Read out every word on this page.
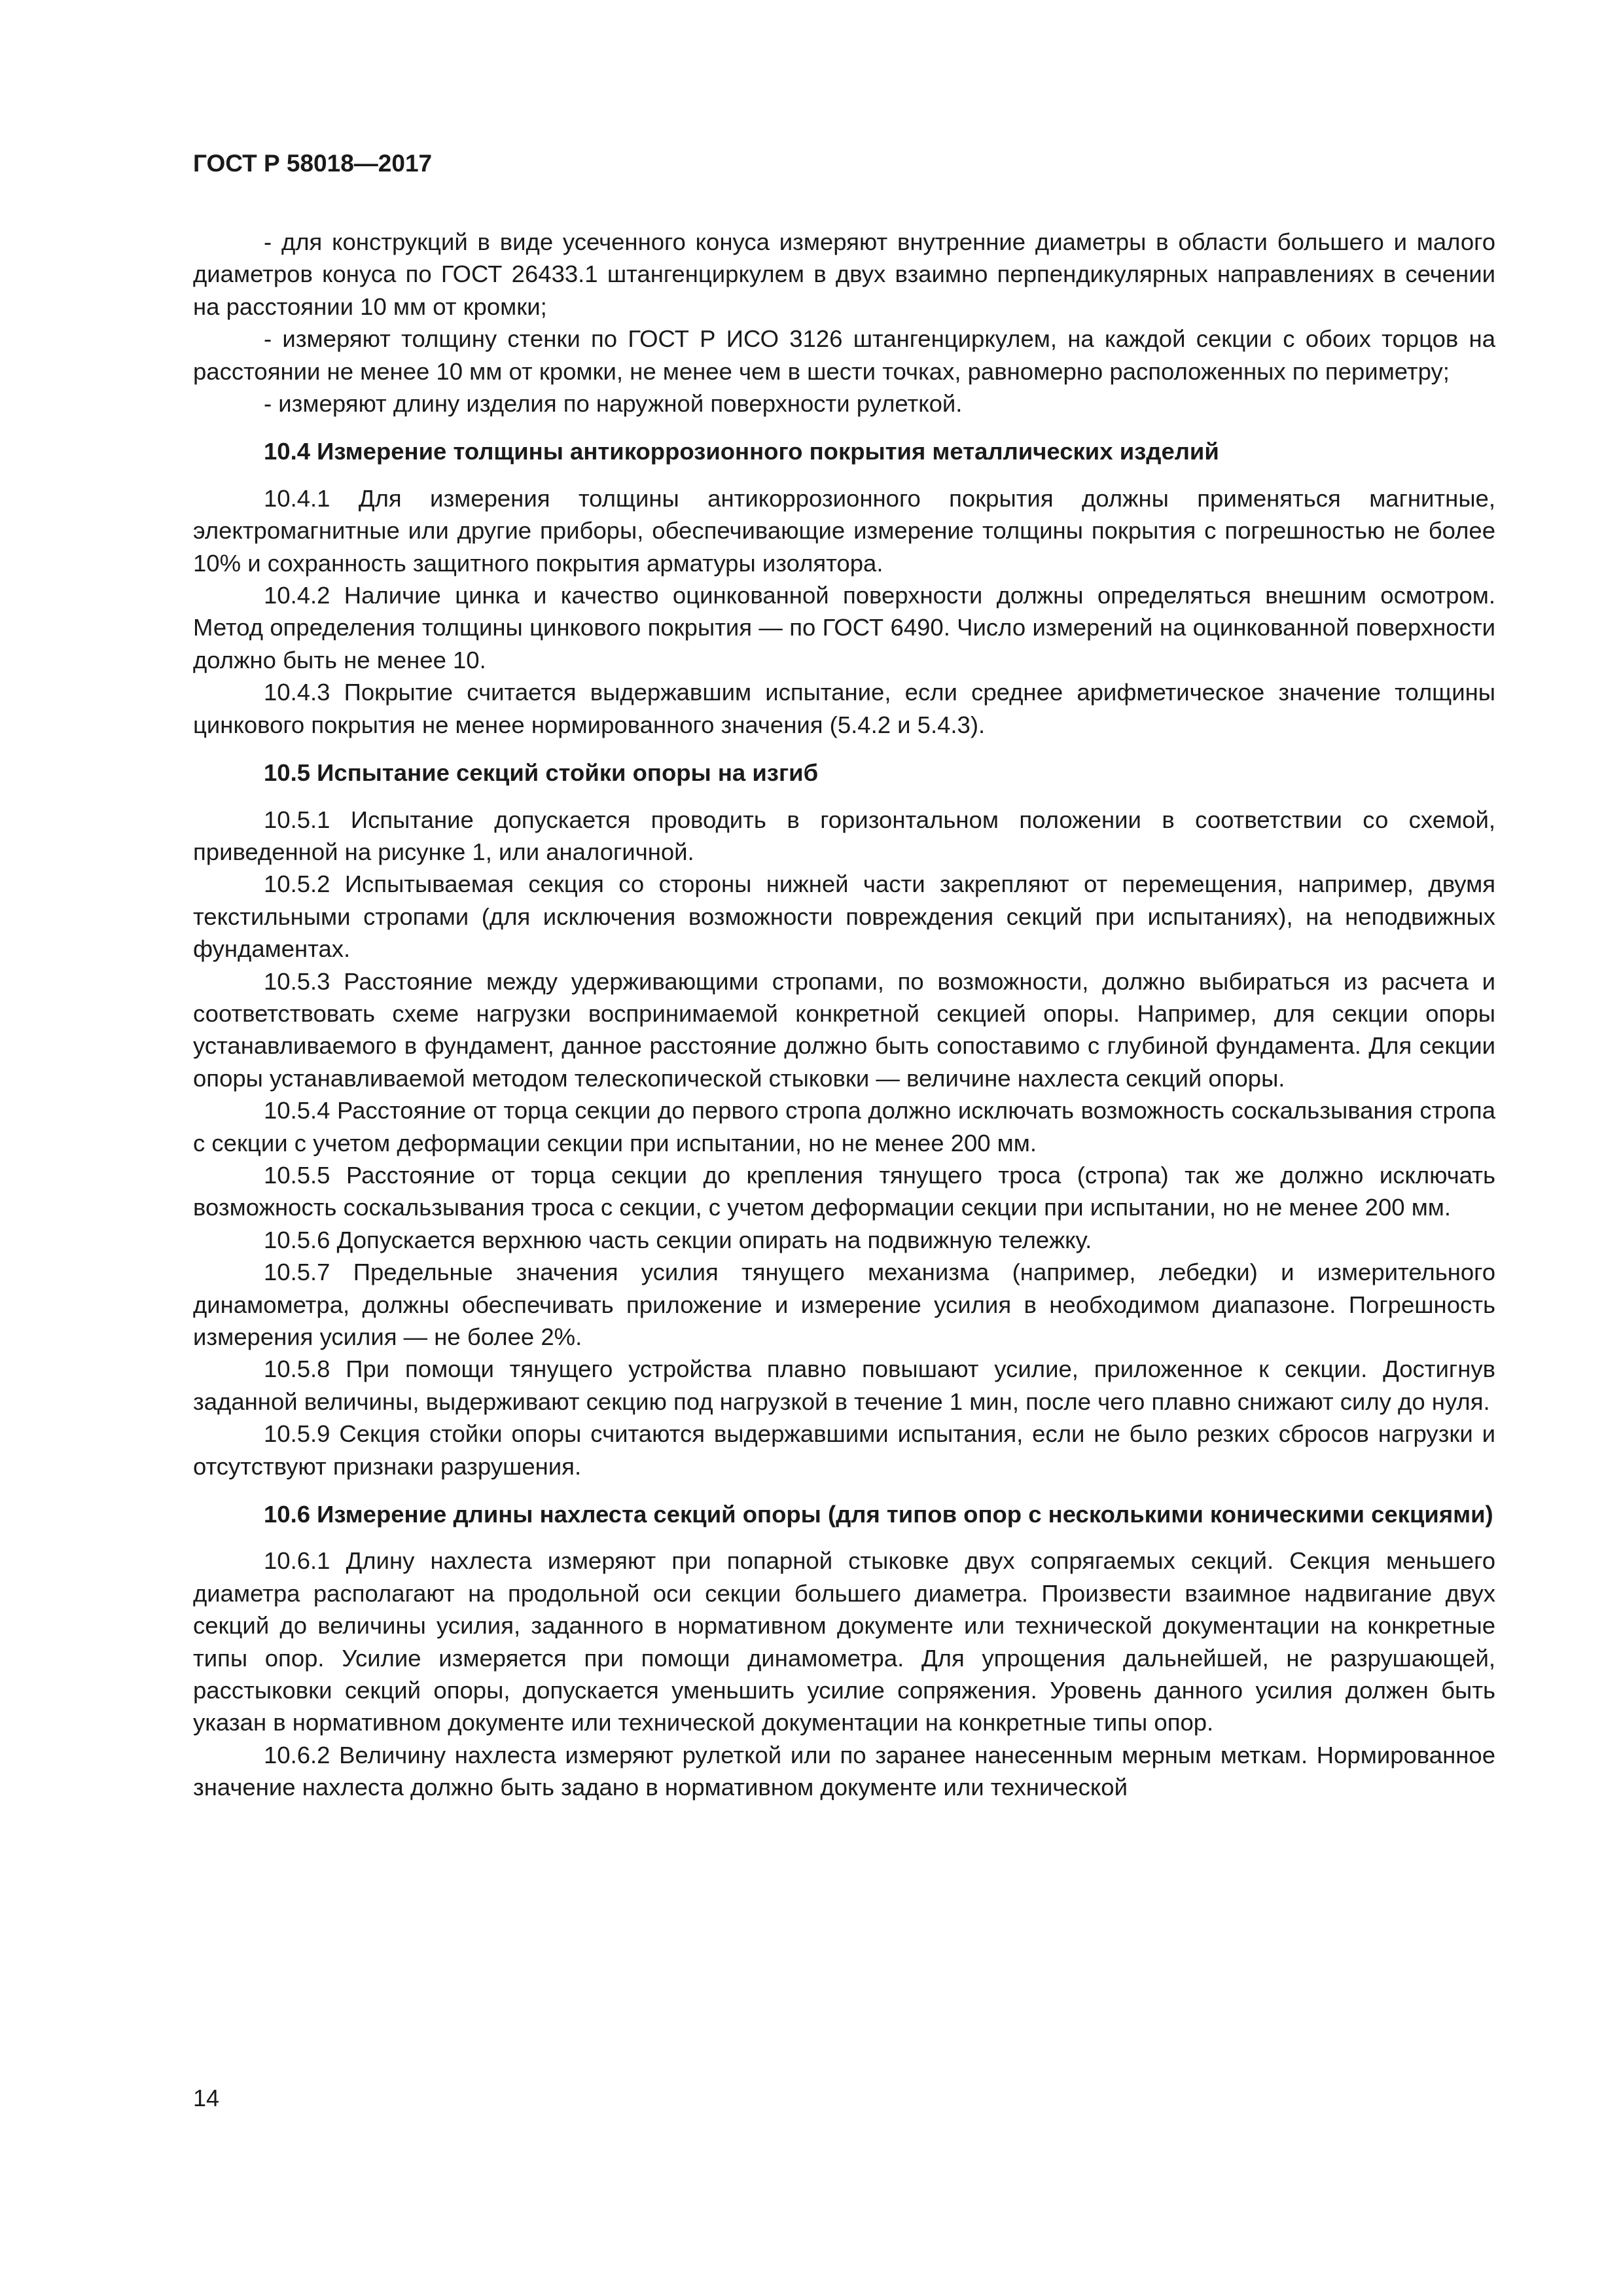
ГОСТ Р 58018—2017

- для конструкций в виде усеченного конуса измеряют внутренние диаметры в области большего и малого диаметров конуса по ГОСТ 26433.1 штангенциркулем в двух взаимно перпендикулярных направлениях в сечении на расстоянии 10 мм от кромки;

- измеряют толщину стенки по ГОСТ Р ИСО 3126 штангенциркулем, на каждой секции с обоих торцов на расстоянии не менее 10 мм от кромки, не менее чем в шести точках, равномерно расположенных по периметру;

- измеряют длину изделия по наружной поверхности рулеткой.

10.4 Измерение толщины антикоррозионного покрытия металлических изделий

10.4.1 Для измерения толщины антикоррозионного покрытия должны применяться магнитные, электромагнитные или другие приборы, обеспечивающие измерение толщины покрытия с погрешностью не более 10% и сохранность защитного покрытия арматуры изолятора.

10.4.2 Наличие цинка и качество оцинкованной поверхности должны определяться внешним осмотром. Метод определения толщины цинкового покрытия — по ГОСТ 6490. Число измерений на оцинкованной поверхности должно быть не менее 10.

10.4.3 Покрытие считается выдержавшим испытание, если среднее арифметическое значение толщины цинкового покрытия не менее нормированного значения (5.4.2 и 5.4.3).

10.5 Испытание секций стойки опоры на изгиб

10.5.1 Испытание допускается проводить в горизонтальном положении в соответствии со схемой, приведенной на рисунке 1, или аналогичной.

10.5.2 Испытываемая секция со стороны нижней части закрепляют от перемещения, например, двумя текстильными стропами (для исключения возможности повреждения секций при испытаниях), на неподвижных фундаментах.

10.5.3 Расстояние между удерживающими стропами, по возможности, должно выбираться из расчета и соответствовать схеме нагрузки воспринимаемой конкретной секцией опоры. Например, для секции опоры устанавливаемого в фундамент, данное расстояние должно быть сопоставимо с глубиной фундамента. Для секции опоры устанавливаемой методом телескопической стыковки — величине нахлеста секций опоры.

10.5.4 Расстояние от торца секции до первого стропа должно исключать возможность соскальзывания стропа с секции с учетом деформации секции при испытании, но не менее 200 мм.

10.5.5 Расстояние от торца секции до крепления тянущего троса (стропа) так же должно исключать возможность соскальзывания троса с секции, с учетом деформации секции при испытании, но не менее 200 мм.

10.5.6 Допускается верхнюю часть секции опирать на подвижную тележку.

10.5.7 Предельные значения усилия тянущего механизма (например, лебедки) и измерительного динамометра, должны обеспечивать приложение и измерение усилия в необходимом диапазоне. Погрешность измерения усилия — не более 2%.

10.5.8 При помощи тянущего устройства плавно повышают усилие, приложенное к секции. Достигнув заданной величины, выдерживают секцию под нагрузкой в течение 1 мин, после чего плавно снижают силу до нуля.

10.5.9 Секция стойки опоры считаются выдержавшими испытания, если не было резких сбросов нагрузки и отсутствуют признаки разрушения.

10.6 Измерение длины нахлеста секций опоры (для типов опор с несколькими коническими секциями)

10.6.1 Длину нахлеста измеряют при попарной стыковке двух сопрягаемых секций. Секция меньшего диаметра располагают на продольной оси секции большего диаметра. Произвести взаимное надвигание двух секций до величины усилия, заданного в нормативном документе или технической документации на конкретные типы опор. Усилие измеряется при помощи динамометра. Для упрощения дальнейшей, не разрушающей, расстыковки секций опоры, допускается уменьшить усилие сопряжения. Уровень данного усилия должен быть указан в нормативном документе или технической документации на конкретные типы опор.

10.6.2 Величину нахлеста измеряют рулеткой или по заранее нанесенным мерным меткам. Нормированное значение нахлеста должно быть задано в нормативном документе или технической

14
